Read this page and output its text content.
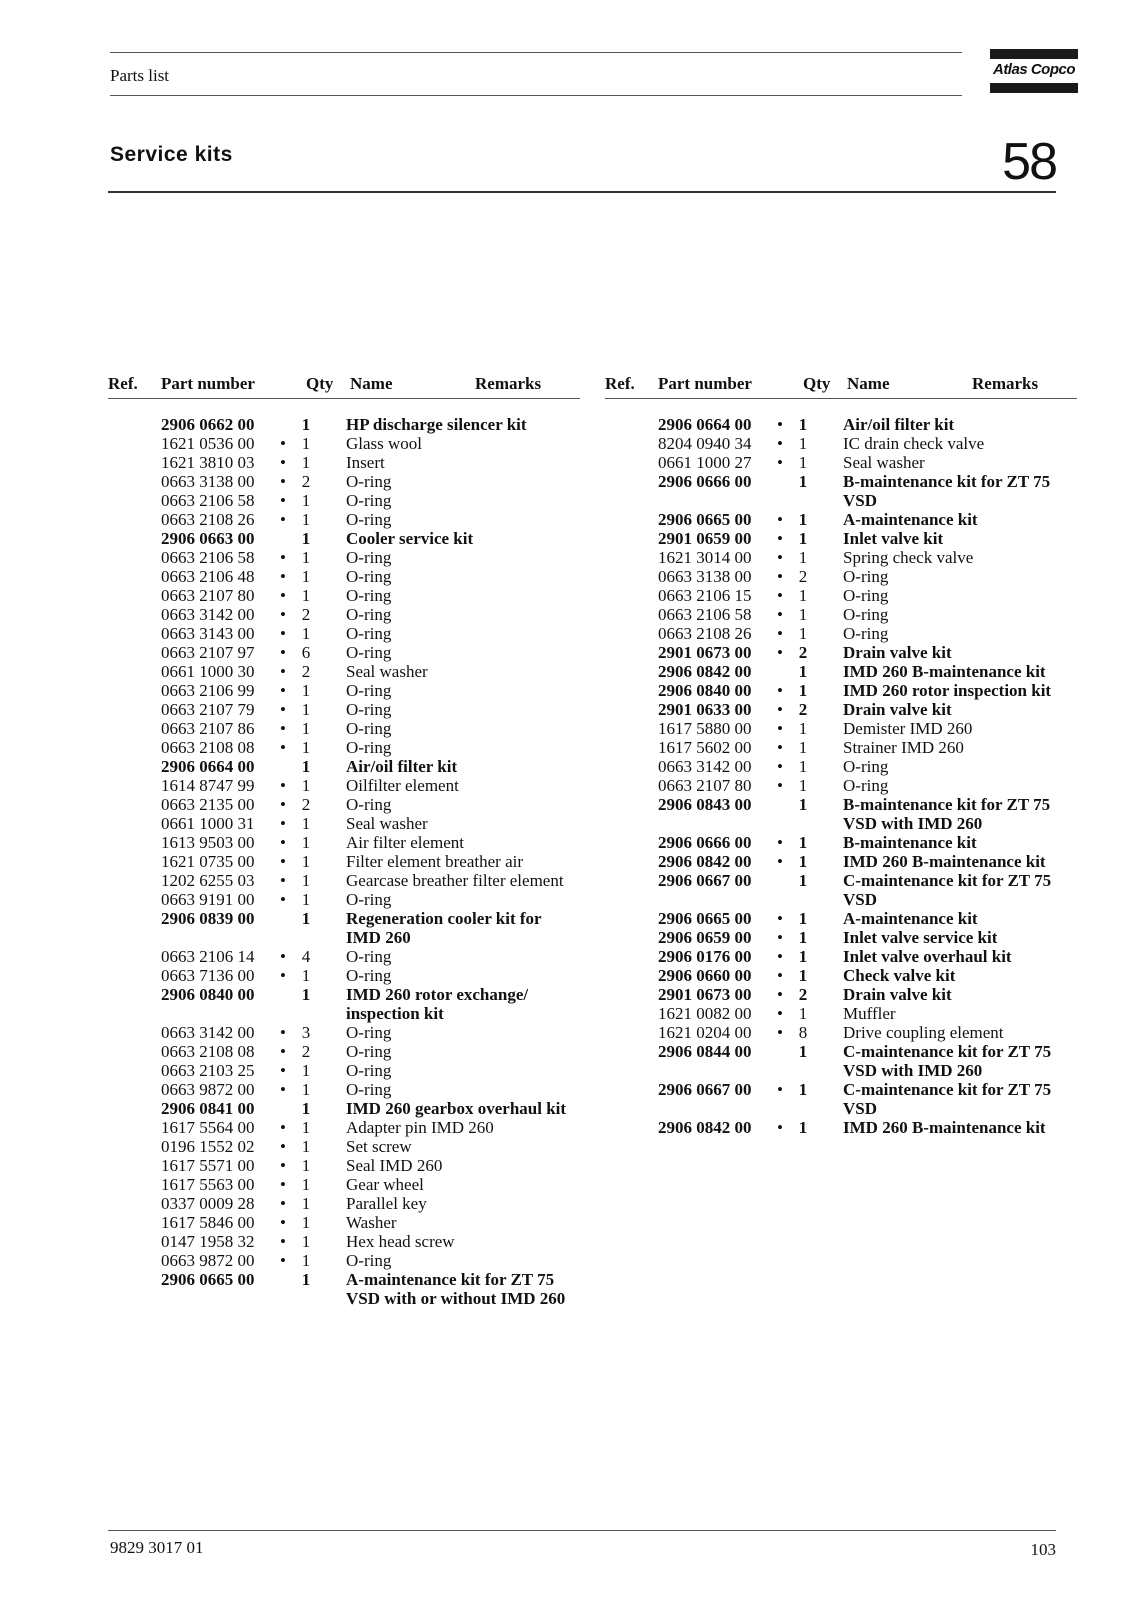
Parts list	Atlas Copco
Service kits	58
Ref. Part number	Qty Name	Remarks
2906 0662 00	1 HP discharge silencer kit
1621 0536 00	• 1 Glass wool
1621 3810 03	• 1 Insert
0663 3138 00	• 2 O-ring
0663 2106 58	• 1 O-ring
0663 2108 26	• 1 O-ring
2906 0663 00	1 Cooler service kit
0663 2106 58	• 1 O-ring
0663 2106 48	• 1 O-ring
0663 2107 80	• 1 O-ring
0663 3142 00	• 2 O-ring
0663 3143 00	• 1 O-ring
0663 2107 97	• 6 O-ring
0661 1000 30	• 2 Seal washer
0663 2106 99	• 1 O-ring
0663 2107 79	• 1 O-ring
0663 2107 86	• 1 O-ring
0663 2108 08	• 1 O-ring
2906 0664 00	1 Air/oil filter kit
1614 8747 99	• 1 Oilfilter element
0663 2135 00	• 2 O-ring
0661 1000 31	• 1 Seal washer
1613 9503 00	• 1 Air filter element
1621 0735 00	• 1 Filter element breather air
1202 6255 03	• 1 Gearcase breather filter element
0663 9191 00	• 1 O-ring
2906 0839 00	1 Regeneration cooler kit for IMD 260
0663 2106 14	• 4 O-ring
0663 7136 00	• 1 O-ring
2906 0840 00	1 IMD 260 rotor exchange/ inspection kit
0663 3142 00	• 3 O-ring
0663 2108 08	• 2 O-ring
0663 2103 25	• 1 O-ring
0663 9872 00	• 1 O-ring
2906 0841 00	1 IMD 260 gearbox overhaul kit
1617 5564 00	• 1 Adapter pin IMD 260
0196 1552 02	• 1 Set screw
1617 5571 00	• 1 Seal IMD 260
1617 5563 00	• 1 Gear wheel
0337 0009 28	• 1 Parallel key
1617 5846 00	• 1 Washer
0147 1958 32	• 1 Hex head screw
0663 9872 00	• 1 O-ring
2906 0665 00	1 A-maintenance kit for ZT 75 VSD with or without IMD 260
Ref. Part number	Qty Name	Remarks
2906 0664 00	• 1 Air/oil filter kit
8204 0940 34	• 1 IC drain check valve
0661 1000 27	• 1 Seal washer
2906 0666 00	1 B-maintenance kit for ZT 75 VSD
2906 0665 00	• 1 A-maintenance kit
2901 0659 00	• 1 Inlet valve kit
1621 3014 00	• 1 Spring check valve
0663 3138 00	• 2 O-ring
0663 2106 15	• 1 O-ring
0663 2106 58	• 1 O-ring
0663 2108 26	• 1 O-ring
2901 0673 00	• 2 Drain valve kit
2906 0842 00	1 IMD 260 B-maintenance kit
2906 0840 00	• 1 IMD 260 rotor inspection kit
2901 0633 00	• 2 Drain valve kit
1617 5880 00	• 1 Demister IMD 260
1617 5602 00	• 1 Strainer IMD 260
0663 3142 00	• 1 O-ring
0663 2107 80	• 1 O-ring
2906 0843 00	1 B-maintenance kit for ZT 75 VSD with IMD 260
2906 0666 00	• 1 B-maintenance kit
2906 0842 00	• 1 IMD 260 B-maintenance kit
2906 0667 00	1 C-maintenance kit for ZT 75 VSD
2906 0665 00	• 1 A-maintenance kit
2906 0659 00	• 1 Inlet valve service kit
2906 0176 00	• 1 Inlet valve overhaul kit
2906 0660 00	• 1 Check valve kit
2901 0673 00	• 2 Drain valve kit
1621 0082 00	• 1 Muffler
1621 0204 00	• 8 Drive coupling element
2906 0844 00	1 C-maintenance kit for ZT 75 VSD with IMD 260
2906 0667 00	• 1 C-maintenance kit for ZT 75 VSD
2906 0842 00	• 1 IMD 260 B-maintenance kit
9829 3017 01	103
